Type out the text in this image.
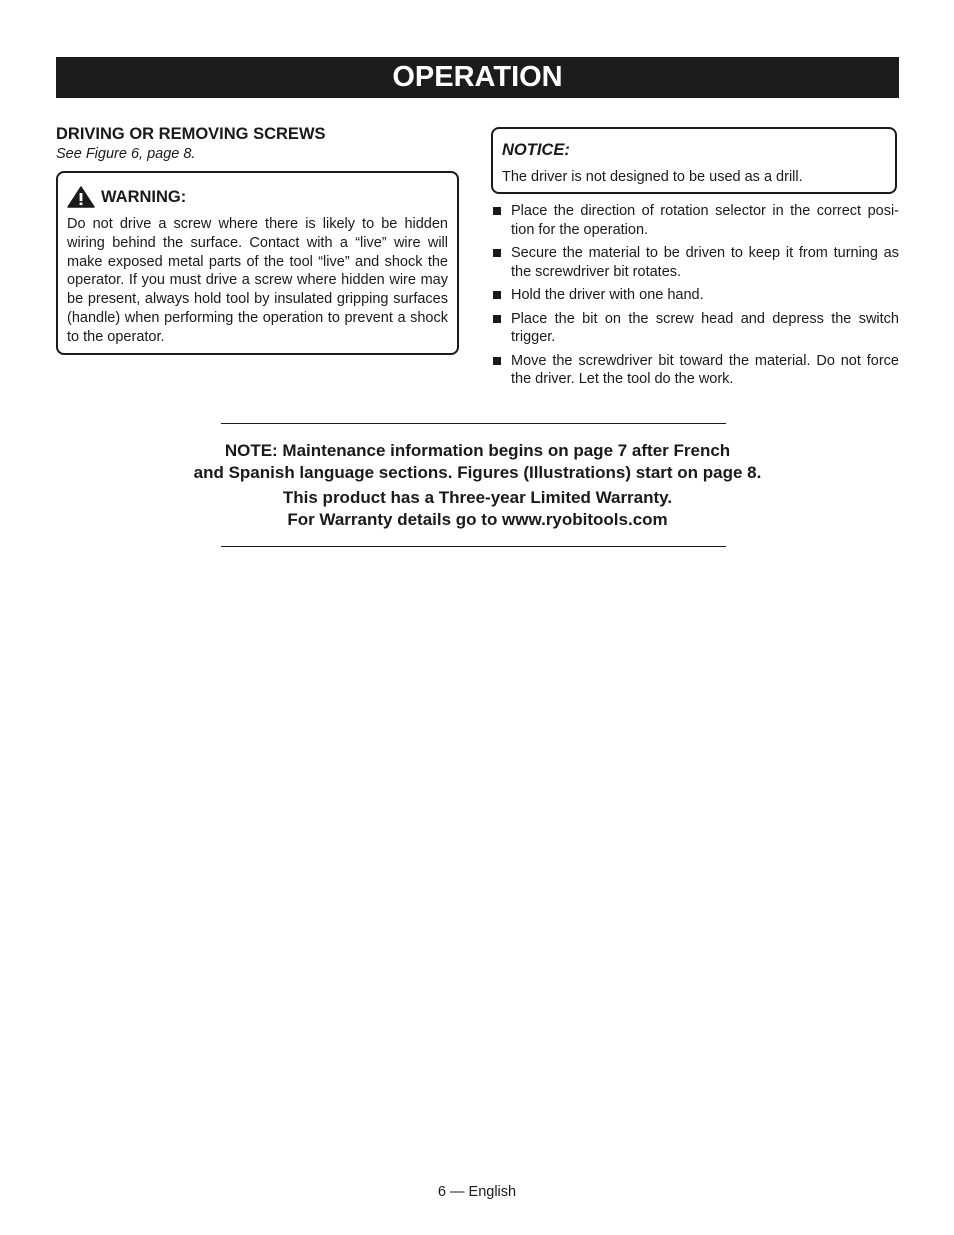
OPERATION

DRIVING OR REMOVING SCREWS

See Figure 6, page 8.

WARNING:

Do not drive a screw where there is likely to be hidden wiring behind the surface. Contact with a “live” wire will make exposed metal parts of the tool “live” and shock the operator. If you must drive a screw where hidden wire may be present, always hold tool by insulated gripping surfaces (handle) when performing the operation to prevent a shock to the operator.

NOTICE:

The driver is not designed to be used as a drill.

Place the direction of rotation selector in the correct posi-tion for the operation.
Secure the material to be driven to keep it from turning as the screwdriver bit rotates.
Hold the driver with one hand.
Place the bit on the screw head and depress the switch trigger.
Move the screwdriver bit toward the material. Do not force the driver. Let the tool do the work.

NOTE: Maintenance information begins on page 7 after French

and Spanish language sections. Figures (Illustrations) start on page 8.

This product has a Three-year Limited Warranty.

For Warranty details go to www.ryobitools.com

6 — English
